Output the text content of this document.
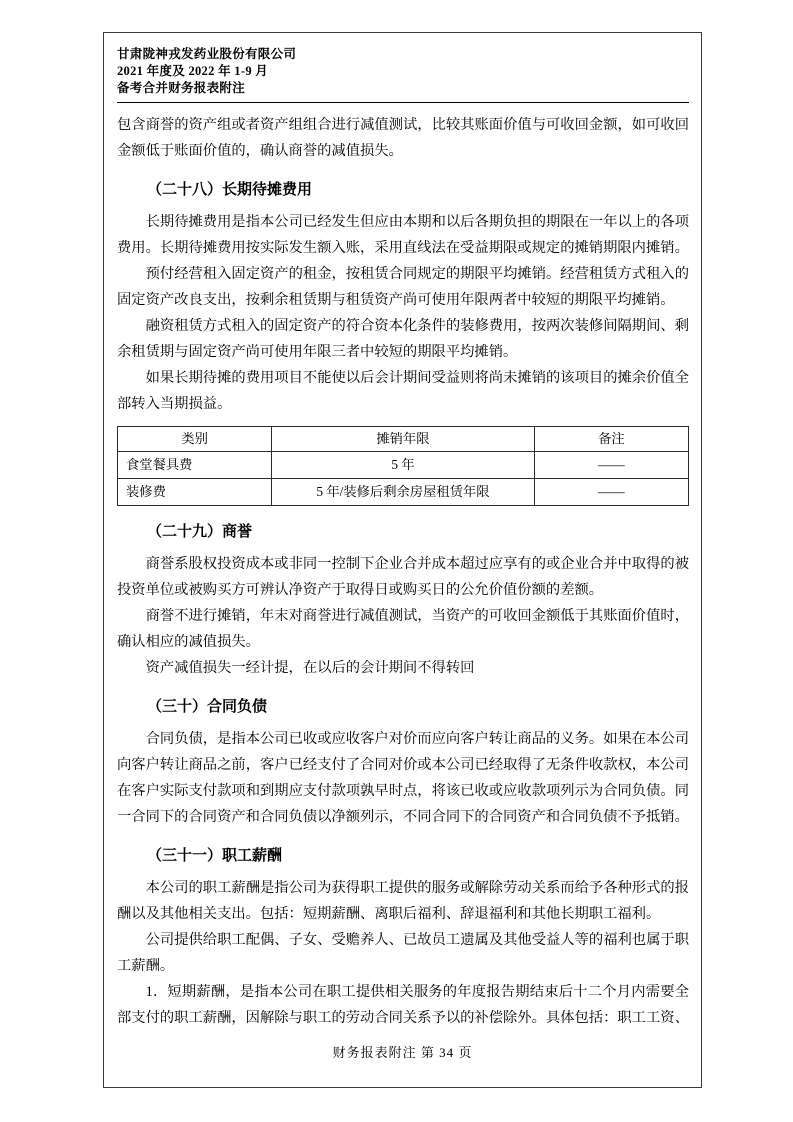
甘肃陇神戎发药业股份有限公司
2021 年度及 2022 年 1-9 月
备考合并财务报表附注

包含商誉的资产组或者资产组组合进行减值测试，比较其账面价值与可收回金额，如可收回金额低于账面价值的，确认商誉的减值损失。

（二十八）长期待摊费用

长期待摊费用是指本公司已经发生但应由本期和以后各期负担的期限在一年以上的各项费用。长期待摊费用按实际发生额入账，采用直线法在受益期限或规定的摊销期限内摊销。

预付经营租入固定资产的租金，按租赁合同规定的期限平均摊销。经营租赁方式租入的固定资产改良支出，按剩余租赁期与租赁资产尚可使用年限两者中较短的期限平均摊销。

融资租赁方式租入的固定资产的符合资本化条件的装修费用，按两次装修间隔期间、剩余租赁期与固定资产尚可使用年限三者中较短的期限平均摊销。

如果长期待摊的费用项目不能使以后会计期间受益则将尚未摊销的该项目的摊余价值全部转入当期损益。

类别	摊销年限	备注
食堂餐具费	5 年	——
装修费	5 年/装修后剩余房屋租赁年限	——
（二十九）商誉

商誉系股权投资成本或非同一控制下企业合并成本超过应享有的或企业合并中取得的被投资单位或被购买方可辨认净资产于取得日或购买日的公允价值份额的差额。

商誉不进行摊销，年末对商誉进行减值测试，当资产的可收回金额低于其账面价值时，确认相应的减值损失。

资产减值损失一经计提，在以后的会计期间不得转回

（三十）合同负债

合同负债，是指本公司已收或应收客户对价而应向客户转让商品的义务。如果在本公司向客户转让商品之前，客户已经支付了合同对价或本公司已经取得了无条件收款权，本公司在客户实际支付款项和到期应支付款项孰早时点，将该已收或应收款项列示为合同负债。同一合同下的合同资产和合同负债以净额列示，不同合同下的合同资产和合同负债不予抵销。

（三十一）职工薪酬

本公司的职工薪酬是指公司为获得职工提供的服务或解除劳动关系而给予各种形式的报酬以及其他相关支出。包括：短期薪酬、离职后福利、辞退福利和其他长期职工福利。

公司提供给职工配偶、子女、受赡养人、已故员工遗属及其他受益人等的福利也属于职工薪酬。

1．短期薪酬，是指本公司在职工提供相关服务的年度报告期结束后十二个月内需要全部支付的职工薪酬，因解除与职工的劳动合同关系予以的补偿除外。具体包括：职工工资、

财务报表附注 第 34 页
